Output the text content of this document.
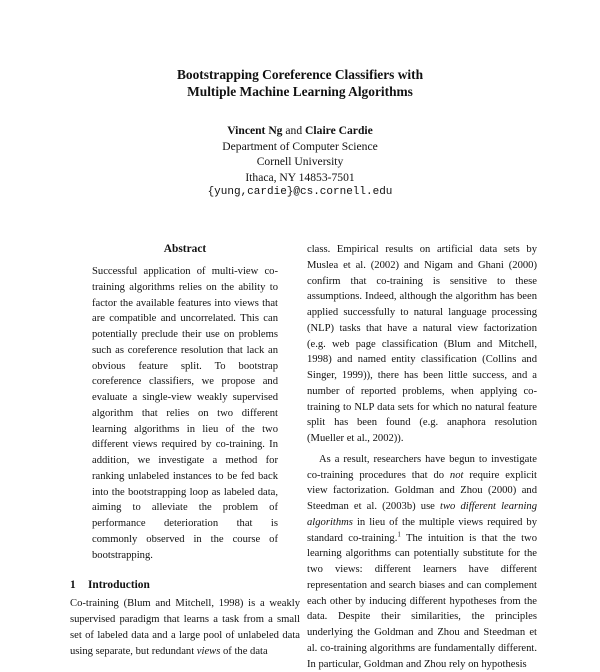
Bootstrapping Coreference Classifiers with
Multiple Machine Learning Algorithms
Vincent Ng and Claire Cardie
Department of Computer Science
Cornell University
Ithaca, NY 14853-7501
{yung,cardie}@cs.cornell.edu
Abstract

Successful application of multi-view co-training algorithms relies on the ability to factor the available features into views that are compatible and uncorrelated. This can potentially preclude their use on problems such as coreference resolution that lack an obvious feature split. To bootstrap coreference classifiers, we propose and evaluate a single-view weakly supervised algorithm that relies on two different learning algorithms in lieu of the two different views required by co-training. In addition, we investigate a method for ranking unlabeled instances to be fed back into the bootstrapping loop as labeled data, aiming to alleviate the problem of performance deterioration that is commonly observed in the course of bootstrapping.

1 Introduction

Co-training (Blum and Mitchell, 1998) is a weakly supervised paradigm that learns a task from a small set of labeled data and a large pool of unlabeled data using separate, but redundant views of the data

class. Empirical results on artificial data sets by Muslea et al. (2002) and Nigam and Ghani (2000) confirm that co-training is sensitive to these assumptions. Indeed, although the algorithm has been applied successfully to natural language processing (NLP) tasks that have a natural view factorization (e.g. web page classification (Blum and Mitchell, 1998) and named entity classification (Collins and Singer, 1999)), there has been little success, and a number of reported problems, when applying co-training to NLP data sets for which no natural feature split has been found (e.g. anaphora resolution (Mueller et al., 2002)).

As a result, researchers have begun to investigate co-training procedures that do not require explicit view factorization. Goldman and Zhou (2000) and Steedman et al. (2003b) use two different learning algorithms in lieu of the multiple views required by standard co-training.$^1$ The intuition is that the two learning algorithms can potentially substitute for the two views: different learners have different representation and search biases and can complement each other by inducing different hypotheses from the data. Despite their similarities, the principles underlying the Goldman and Zhou and Steedman et al. co-training algorithms are fundamentally different. In particular, Goldman and Zhou rely on hypothesis
